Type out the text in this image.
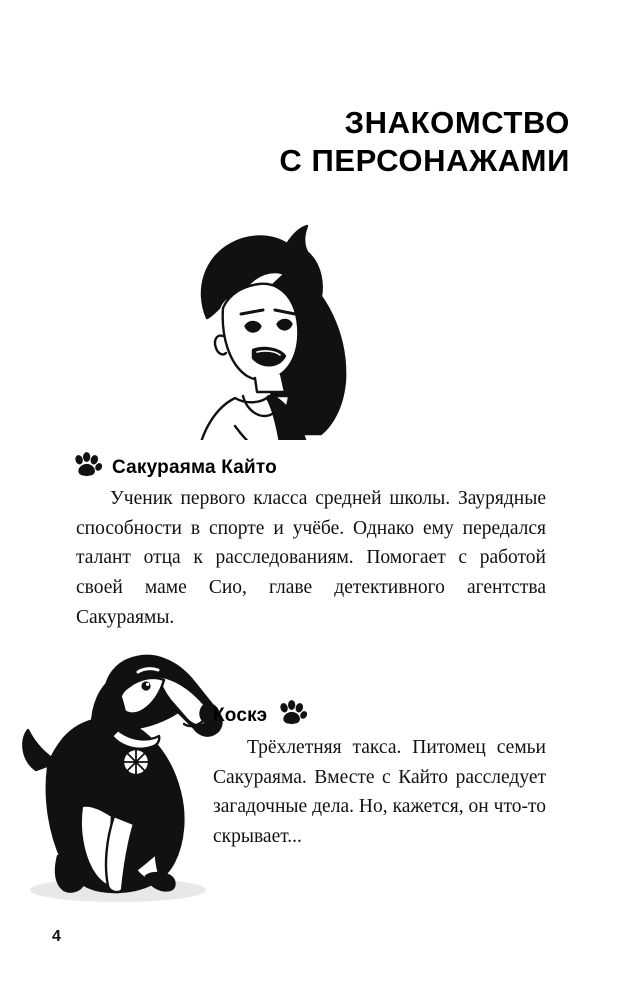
ЗНАКОМСТВО
С ПЕРСОНАЖАМИ
Сакураяма Кайто
Ученик первого класса средней школы. Заурядные способности в спорте и учёбе. Однако ему передался талант отца к расследованиям. Помогает с работой своей маме Сио, главе детективного агентства Сакураямы.
Коскэ
Трёхлетняя такса. Питомец семьи Сакураяма. Вместе с Кайто расследует загадочные дела. Но, кажется, он что-то скрывает...
4
